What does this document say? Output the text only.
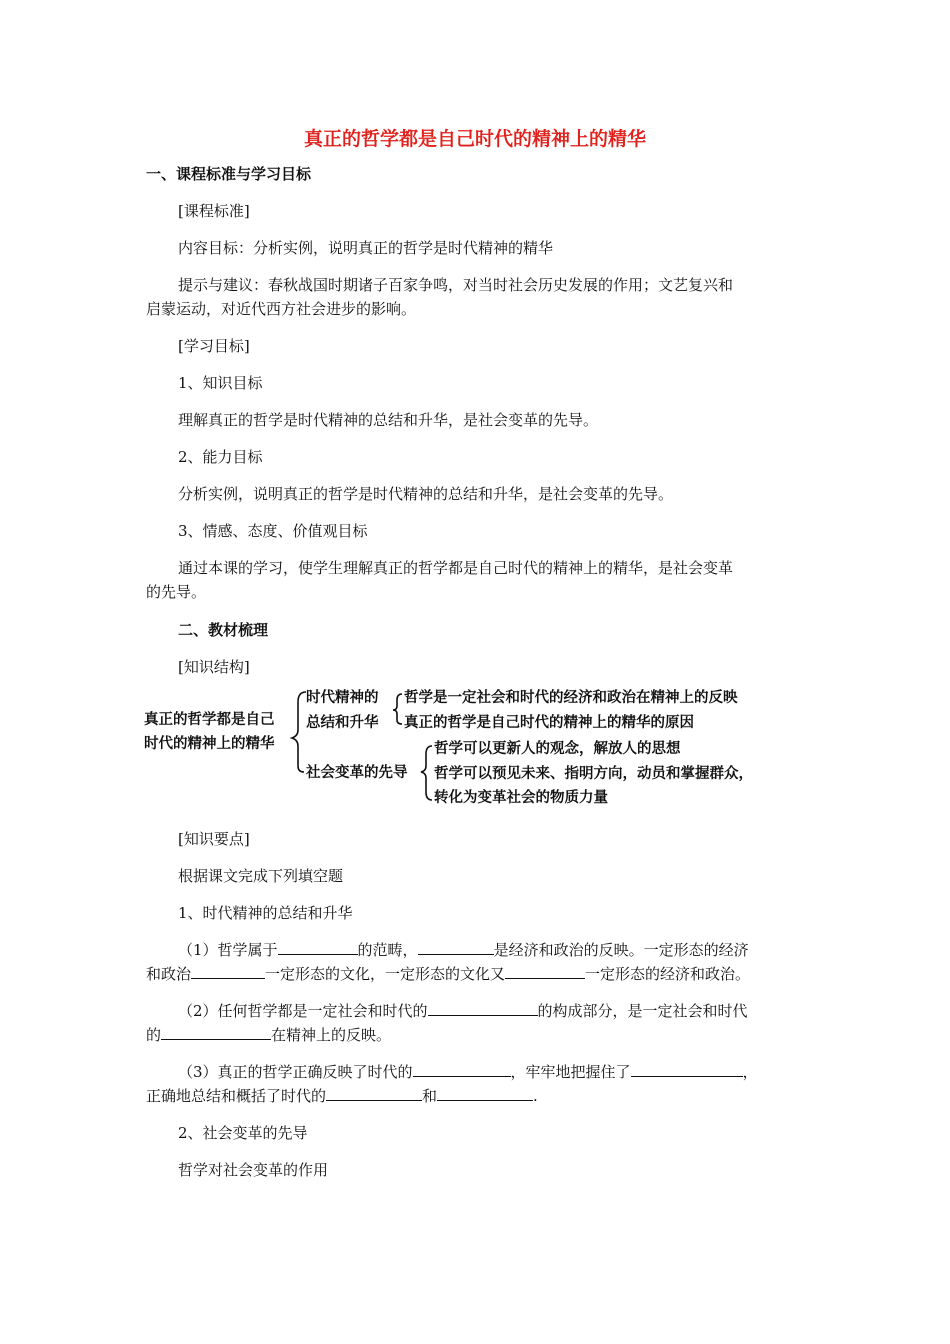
真正的哲学都是自己时代的精神上的精华
一、课程标准与学习目标
[课程标准]
内容目标：分析实例，说明真正的哲学是时代精神的精华
提示与建议：春秋战国时期诸子百家争鸣，对当时社会历史发展的作用；文艺复兴和
启蒙运动，对近代西方社会进步的影响。
[学习目标]
1、知识目标
理解真正的哲学是时代精神的总结和升华，是社会变革的先导。
2、能力目标
分析实例，说明真正的哲学是时代精神的总结和升华，是社会变革的先导。
3、情感、态度、价值观目标
通过本课的学习，使学生理解真正的哲学都是自己时代的精神上的精华，是社会变革
的先导。
二、教材梳理
[知识结构]
真正的哲学都是自己
时代的精神上的精华
时代精神的
总结和升华
哲学是一定社会和时代的经济和政治在精神上的反映
真正的哲学是自己时代的精神上的精华的原因
社会变革的先导
哲学可以更新人的观念，解放人的思想
哲学可以预见未来、指明方向，动员和掌握群众，
转化为变革社会的物质力量
[知识要点]
根据课文完成下列填空题
1、时代精神的总结和升华
（1）哲学属于	的范畴，	是经济和政治的反映。一定形态的经济
和政治	一定形态的文化，一定形态的文化又	一定形态的经济和政治。
（2）任何哲学都是一定社会和时代的	的构成部分，是一定社会和时代
的	在精神上的反映。
（3）真正的哲学正确反映了时代的	，牢牢地把握住了	，
正确地总结和概括了时代的	和	.
2、社会变革的先导
哲学对社会变革的作用
